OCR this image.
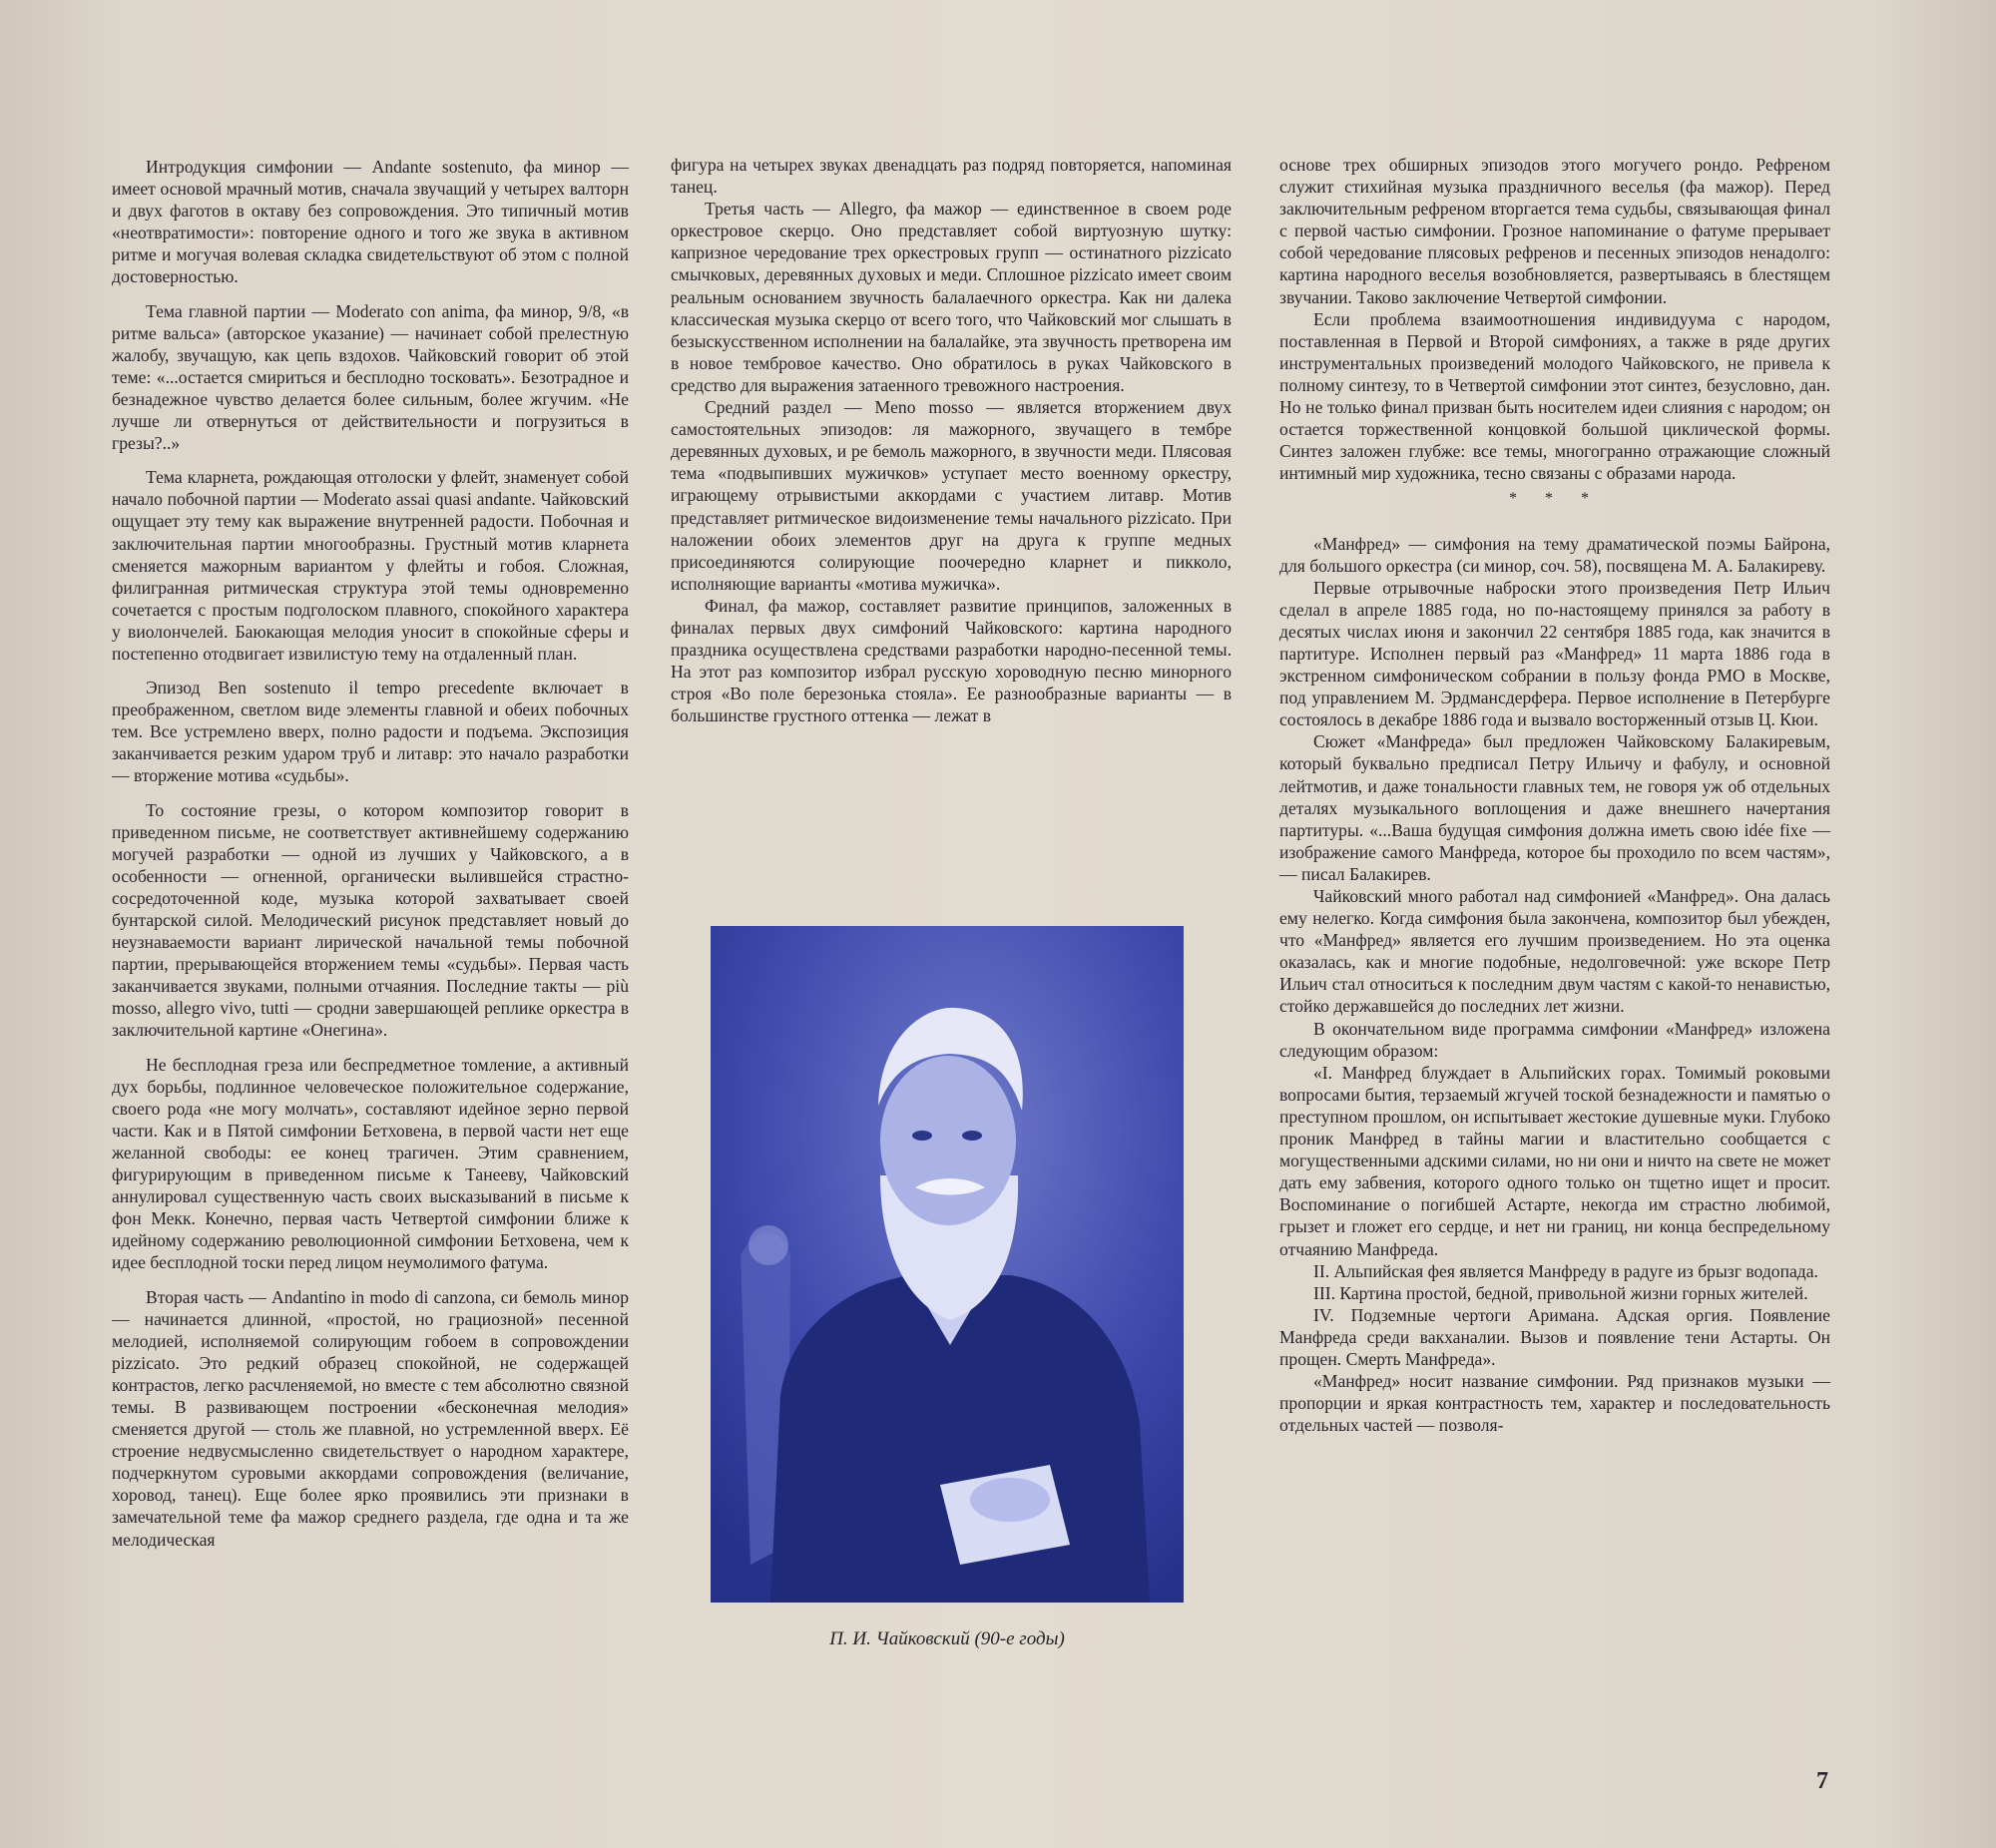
Интродукция симфонии — Andante sostenuto, фа минор — имеет основой мрачный мотив, сначала звучащий у четырех валторн и двух фаготов в октаву без сопровождения. Это типичный мотив «неотвратимости»: повторение одного и того же звука в активном ритме и могучая волевая складка свидетельствуют об этом с полной достоверностью.

Тема главной партии — Moderato con anima, фа минор, 9/8, «в ритме вальса» (авторское указание) — начинает собой прелестную жалобу, звучащую, как цепь вздохов. Чайковский говорит об этой теме: «...остается смириться и бесплодно тосковать». Безотрадное и безнадежное чувство делается более сильным, более жгучим. «Не лучше ли отвернуться от действительности и погрузиться в грезы?..»

Тема кларнета, рождающая отголоски у флейт, знаменует собой начало побочной партии — Moderato assai quasi andante. Чайковский ощущает эту тему как выражение внутренней радости. Побочная и заключительная партии многообразны. Грустный мотив кларнета сменяется мажорным вариантом у флейты и гобоя. Сложная, филигранная ритмическая структура этой темы одновременно сочетается с простым подголоском плавного, спокойного характера у виолончелей. Баюкающая мелодия уносит в спокойные сферы и постепенно отодвигает извилистую тему на отдаленный план.

Эпизод Ben sostenuto il tempo precedente включает в преображенном, светлом виде элементы главной и обеих побочных тем. Все устремлено вверх, полно радости и подъема. Экспозиция заканчивается резким ударом труб и литавр: это начало разработки — вторжение мотива «судьбы».

То состояние грезы, о котором композитор говорит в приведенном письме, не соответствует активнейшему содержанию могучей разработки — одной из лучших у Чайковского, а в особенности — огненной, органически вылившейся страстно-сосредоточенной коде, музыка которой захватывает своей бунтарской силой. Мелодический рисунок представляет новый до неузнаваемости вариант лирической начальной темы побочной партии, прерывающейся вторжением темы «судьбы». Первая часть заканчивается звуками, полными отчаяния. Последние такты — più mosso, allegro vivo, tutti — сродни завершающей реплике оркестра в заключительной картине «Онегина».

Не бесплодная греза или беспредметное томление, а активный дух борьбы, подлинное человеческое положительное содержание, своего рода «не могу молчать», составляют идейное зерно первой части. Как и в Пятой симфонии Бетховена, в первой части нет еще желанной свободы: ее конец трагичен. Этим сравнением, фигурирующим в приведенном письме к Танееву, Чайковский аннулировал существенную часть своих высказываний в письме к фон Мекк. Конечно, первая часть Четвертой симфонии ближе к идейному содержанию революционной симфонии Бетховена, чем к идее бесплодной тоски перед лицом неумолимого фатума.

Вторая часть — Andantino in modo di canzona, си бемоль минор — начинается длинной, «простой, но грациозной» песенной мелодией, исполняемой солирующим гобоем в сопровождении pizzicato. Это редкий образец спокойной, не содержащей контрастов, легко расчленяемой, но вместе с тем абсолютно связной темы. В развивающем построении «бесконечная мелодия» сменяется другой — столь же плавной, но устремленной вверх. Её строение недвусмысленно свидетельствует о народном характере, подчеркнутом суровыми аккордами сопровождения (величание, хоровод, танец). Еще более ярко проявились эти признаки в замечательной теме фа мажор среднего раздела, где одна и та же мелодическая

фигура на четырех звуках двенадцать раз подряд повторяется, напоминая танец.

Третья часть — Allegro, фа мажор — единственное в своем роде оркестровое скерцо. Оно представляет собой виртуозную шутку: капризное чередование трех оркестровых групп — остинатного pizzicato смычковых, деревянных духовых и меди. Сплошное pizzicato имеет своим реальным основанием звучность балалаечного оркестра. Как ни далека классическая музыка скерцо от всего того, что Чайковский мог слышать в безыскусственном исполнении на балалайке, эта звучность претворена им в новое тембровое качество. Оно обратилось в руках Чайковского в средство для выражения затаенного тревожного настроения.

Средний раздел — Meno mosso — является вторжением двух самостоятельных эпизодов: ля мажорного, звучащего в тембре деревянных духовых, и ре бемоль мажорного, в звучности меди. Плясовая тема «подвыпивших мужичков» уступает место военному оркестру, играющему отрывистыми аккордами с участием литавр. Мотив представляет ритмическое видоизменение темы начального pizzicato. При наложении обоих элементов друг на друга к группе медных присоединяются солирующие поочередно кларнет и пикколо, исполняющие варианты «мотива мужичка».

Финал, фа мажор, составляет развитие принципов, заложенных в финалах первых двух симфоний Чайковского: картина народного праздника осуществлена средствами разработки народно-песенной темы. На этот раз композитор избрал русскую хороводную песню минорного строя «Во поле березонька стояла». Ее разнообразные варианты — в большинстве грустного оттенка — лежат в

основе трех обширных эпизодов этого могучего рондо. Рефреном служит стихийная музыка праздничного веселья (фа мажор). Перед заключительным рефреном вторгается тема судьбы, связывающая финал с первой частью симфонии. Грозное напоминание о фатуме прерывает собой чередование плясовых рефренов и песенных эпизодов ненадолго: картина народного веселья возобновляется, развертываясь в блестящем звучании. Таково заключение Четвертой симфонии.

Если проблема взаимоотношения индивидуума с народом, поставленная в Первой и Второй симфониях, а также в ряде других инструментальных произведений молодого Чайковского, не привела к полному синтезу, то в Четвертой симфонии этот синтез, безусловно, дан. Но не только финал призван быть носителем идеи слияния с народом; он остается торжественной концовкой большой циклической формы. Синтез заложен глубже: все темы, многогранно отражающие сложный интимный мир художника, тесно связаны с образами народа.

* * *

«Манфред» — симфония на тему драматической поэмы Байрона, для большого оркестра (си минор, соч. 58), посвящена М. А. Балакиреву.

Первые отрывочные наброски этого произведения Петр Ильич сделал в апреле 1885 года, но по-настоящему принялся за работу в десятых числах июня и закончил 22 сентября 1885 года, как значится в партитуре. Исполнен первый раз «Манфред» 11 марта 1886 года в экстренном симфоническом собрании в пользу фонда РМО в Москве, под управлением М. Эрдмансдерфера. Первое исполнение в Петербурге состоялось в декабре 1886 года и вызвало восторженный отзыв Ц. Кюи.

Сюжет «Манфреда» был предложен Чайковскому Балакиревым, который буквально предписал Петру Ильичу и фабулу, и основной лейтмотив, и даже тональности главных тем, не говоря уж об отдельных деталях музыкального воплощения и даже внешнего начертания партитуры. «...Ваша будущая симфония должна иметь свою idée fixe — изображение самого Манфреда, которое бы проходило по всем частям», — писал Балакирев.

Чайковский много работал над симфонией «Манфред». Она далась ему нелегко. Когда симфония была закончена, композитор был убежден, что «Манфред» является его лучшим произведением. Но эта оценка оказалась, как и многие подобные, недолговечной: уже вскоре Петр Ильич стал относиться к последним двум частям с какой-то ненавистью, стойко державшейся до последних лет жизни.

В окончательном виде программа симфонии «Манфред» изложена следующим образом:

«I. Манфред блуждает в Альпийских горах. Томимый роковыми вопросами бытия, терзаемый жгучей тоской безнадежности и памятью о преступном прошлом, он испытывает жестокие душевные муки. Глубоко проник Манфред в тайны магии и властительно сообщается с могущественными адскими силами, но ни они и ничто на свете не может дать ему забвения, которого одного только он тщетно ищет и просит. Воспоминание о погибшей Астарте, некогда им страстно любимой, грызет и гложет его сердце, и нет ни границ, ни конца беспредельному отчаянию Манфреда.

II. Альпийская фея является Манфреду в радуге из брызг водопада.

III. Картина простой, бедной, привольной жизни горных жителей.

IV. Подземные чертоги Аримана. Адская оргия. Появление Манфреда среди вакханалии. Вызов и появление тени Астарты. Он прощен. Смерть Манфреда».

«Манфред» носит название симфонии. Ряд признаков музыки — пропорции и яркая контрастность тем, характер и последовательность отдельных частей — позволя-

П. И. Чайковский (90-е годы)
7
